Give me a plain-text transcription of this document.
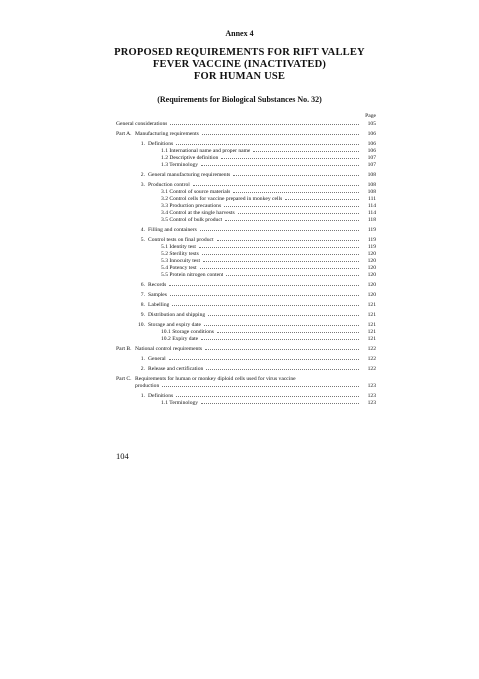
Annex 4
PROPOSED REQUIREMENTS FOR RIFT VALLEY
FEVER VACCINE (INACTIVATED)
FOR HUMAN USE
(Requirements for Biological Substances No. 32)
Page
General considerations	105
Part A. Manufacturing requirements	106
1. Definitions	106
1.1 International name and proper name	106
1.2 Descriptive definition	107
1.3 Terminology	107
2. General manufacturing requirements	108
3. Production control	108
3.1 Control of source materials	108
3.2 Control cells for vaccine prepared in monkey cells	111
3.3 Production precautions	114
3.4 Control at the single harvests	114
3.5 Control of bulk product	118
4. Filling and containers	119
5. Control tests on final product	119
5.1 Identity test	119
5.2 Sterility tests	120
5.3 Innocuity test	120
5.4 Potency test	120
5.5 Protein nitrogen content	120
6. Records	120
7. Samples	120
8. Labelling	121
9. Distribution and shipping	121
10. Storage and expiry date	121
10.1 Storage conditions	121
10.2 Expiry date	121
Part B. National control requirements	122
1. General	122
2. Release and certification	122
Part C. Requirements for human or monkey diploid cells used for virus vaccine
production	123
1. Definitions	123
1.1 Terminology	123
104
